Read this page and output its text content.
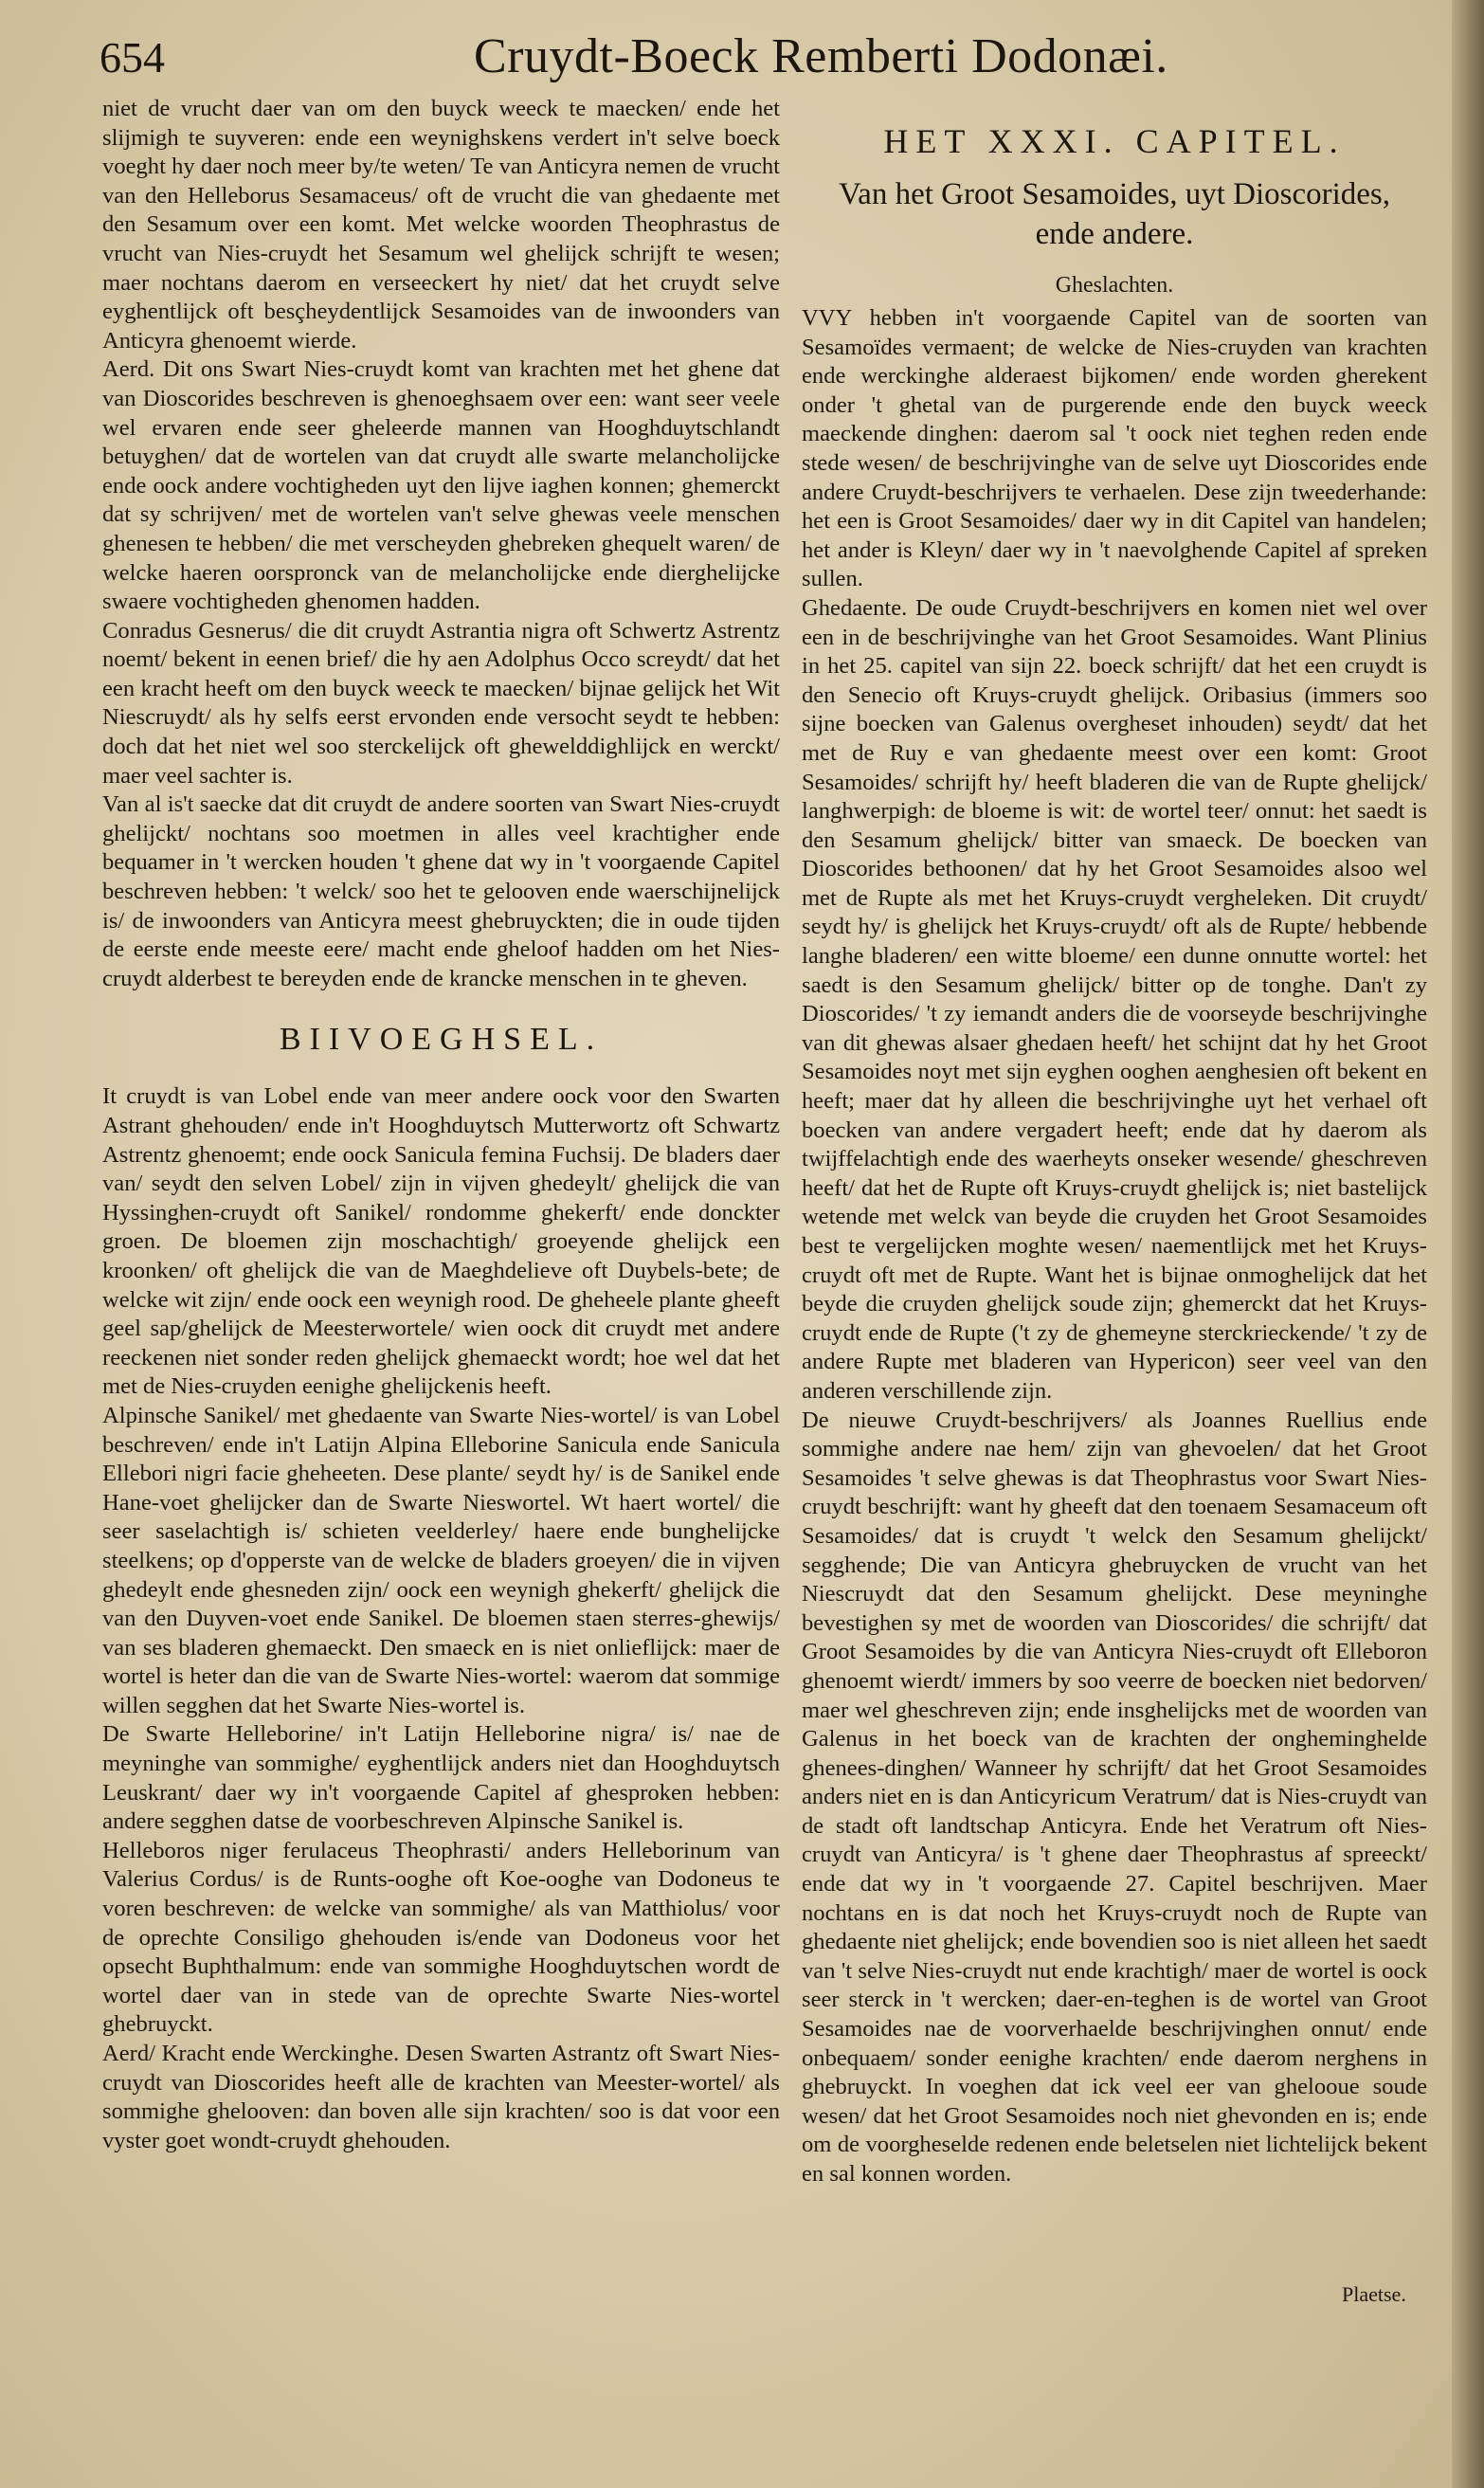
654	Cruydt-Boeck Remberti Dodonæi.

niet de vrucht daer van om den buyck weeck te maecken/ ende het slijmigh te suyveren: ende een weynighskens verdert in't selve boeck voeght hy daer noch meer by/te weten/ Te van Anticyra nemen de vrucht van den Helleborus Sesamaceus/ oft de vrucht die van ghedaente met den Sesamum over een komt. Met welcke woorden Theophrastus de vrucht van Nies-cruydt het Sesamum wel ghelijck schrijft te wesen; maer nochtans daerom en verseeckert hy niet/ dat het cruydt selve eyghentlijck oft besçheydentlijck Sesamoides van de inwoonders van Anticyra ghenoemt wierde.

Aerd. Dit ons Swart Nies-cruydt komt van krachten met het ghene dat van Dioscorides beschreven is ghenoeghsaem over een: want seer veele wel ervaren ende seer gheleerde mannen van Hooghduytschlandt betuyghen/ dat de wortelen van dat cruydt alle swarte melancholijcke ende oock andere vochtigheden uyt den lijve iaghen konnen; ghemerckt dat sy schrijven/ met de wortelen van't selve ghewas veele menschen ghenesen te hebben/ die met verscheyden ghebreken ghequelt waren/ de welcke haeren oorspronck van de melancholijcke ende dierghelijcke swaere vochtigheden ghenomen hadden.

Conradus Gesnerus/ die dit cruydt Astrantia nigra oft Schwertz Astrentz noemt/ bekent in eenen brief/ die hy aen Adolphus Occo screydt/ dat het een kracht heeft om den buyck weeck te maecken/ bijnae gelijck het Wit Niescruydt/ als hy selfs eerst ervonden ende versocht seydt te hebben: doch dat het niet wel soo sterckelijck oft ghewelddighlijck en werckt/ maer veel sachter is.

Van al is't saecke dat dit cruydt de andere soorten van Swart Nies-cruydt ghelijckt/ nochtans soo moetmen in alles veel krachtigher ende bequamer in 't wercken houden 't ghene dat wy in 't voorgaende Capitel beschreven hebben: 't welck/ soo het te gelooven ende waerschijnelijck is/ de inwoonders van Anticyra meest ghebruyckten; die in oude tijden de eerste ende meeste eere/ macht ende gheloof hadden om het Nies-cruydt alderbest te bereyden ende de krancke menschen in te gheven.

BIIVOEGHSEL.

It cruydt is van Lobel ende van meer andere oock voor den Swarten Astrant ghehouden/ ende in't Hooghduytsch Mutterwortz oft Schwartz Astrentz ghenoemt; ende oock Sanicula femina Fuchsij. De bladers daer van/ seydt den selven Lobel/ zijn in vijven ghedeylt/ ghelijck die van Hyssinghen-cruydt oft Sanikel/ rondomme ghekerft/ ende donckter groen. De bloemen zijn moschachtigh/ groeyende ghelijck een kroonken/ oft ghelijck die van de Maeghdelieve oft Duybels-bete; de welcke wit zijn/ ende oock een weynigh rood. De gheheele plante gheeft geel sap/ghelijck de Meesterwortele/ wien oock dit cruydt met andere reeckenen niet sonder reden ghelijck ghemaeckt wordt; hoe wel dat het met de Nies-cruyden eenighe ghelijckenis heeft.

Alpinsche Sanikel/ met ghedaente van Swarte Nies-wortel/ is van Lobel beschreven/ ende in't Latijn Alpina Elleborine Sanicula ende Sanicula Ellebori nigri facie gheheeten. Dese plante/ seydt hy/ is de Sanikel ende Hane-voet ghelijcker dan de Swarte Nieswortel. Wt haert wortel/ die seer saselachtigh is/ schieten veelderley/ haere ende bunghelijcke steelkens; op d'opperste van de welcke de bladers groeyen/ die in vijven ghedeylt ende ghesneden zijn/ oock een weynigh ghekerft/ ghelijck die van den Duyven-voet ende Sanikel. De bloemen staen sterres-ghewijs/ van ses bladeren ghemaeckt. Den smaeck en is niet onlieflijck: maer de wortel is heter dan die van de Swarte Nies-wortel: waerom dat sommige willen segghen dat het Swarte Nies-wortel is.

De Swarte Helleborine/ in't Latijn Helleborine nigra/ is/ nae de meyninghe van sommighe/ eyghentlijck anders niet dan Hooghduytsch Leuskrant/ daer wy in't voorgaende Capitel af ghesproken hebben: andere segghen datse de voorbeschreven Alpinsche Sanikel is.

Helleboros niger ferulaceus Theophrasti/ anders Helleborinum van Valerius Cordus/ is de Runts-ooghe oft Koe-ooghe van Dodoneus te voren beschreven: de welcke van sommighe/ als van Matthiolus/ voor de oprechte Consiligo ghehouden is/ende van Dodoneus voor het opsecht Buphthalmum: ende van sommighe Hooghduytschen wordt de wortel daer van in stede van de oprechte Swarte Nies-wortel ghebruyckt.

Aerd/ Kracht ende Werckinghe. Desen Swarten Astrantz oft Swart Nies-cruydt van Dioscorides heeft alle de krachten van Meester-wortel/ als sommighe ghelooven: dan boven alle sijn krachten/ soo is dat voor een vyster goet wondt-cruydt ghehouden.

HET XXXI. CAPITEL.
Van het Groot Sesamoides, uyt Dioscorides, ende andere.
Gheslachten.

VVY hebben in't voorgaende Capitel van de soorten van Sesamoïdes vermaent; de welcke de Nies-cruyden van krachten ende werckinghe alderaest bijkomen/ ende worden gherekent onder 't ghetal van de purgerende ende den buyck weeck maeckende dinghen: daerom sal 't oock niet teghen reden ende stede wesen/ de beschrijvinghe van de selve uyt Dioscorides ende andere Cruydt-beschrijvers te verhaelen. Dese zijn tweederhande: het een is Groot Sesamoides/ daer wy in dit Capitel van handelen; het ander is Kleyn/ daer wy in 't naevolghende Capitel af spreken sullen.

Ghedaente. De oude Cruydt-beschrijvers en komen niet wel over een in de beschrijvinghe van het Groot Sesamoides. Want Plinius in het 25. capitel van sijn 22. boeck schrijft/ dat het een cruydt is den Senecio oft Kruys-cruydt ghelijck. Oribasius (immers soo sijne boecken van Galenus overgheset inhouden) seydt/ dat het met de Ruy e van ghedaente meest over een komt: Groot Sesamoides/ schrijft hy/ heeft bladeren die van de Rupte ghelijck/ langhwerpigh: de bloeme is wit: de wortel teer/ onnut: het saedt is den Sesamum ghelijck/ bitter van smaeck. De boecken van Dioscorides bethoonen/ dat hy het Groot Sesamoides alsoo wel met de Rupte als met het Kruys-cruydt vergheleken. Dit cruydt/ seydt hy/ is ghelijck het Kruys-cruydt/ oft als de Rupte/ hebbende langhe bladeren/ een witte bloeme/ een dunne onnutte wortel: het saedt is den Sesamum ghelijck/ bitter op de tonghe. Dan't zy Dioscorides/ 't zy iemandt anders die de voorseyde beschrijvinghe van dit ghewas alsaer ghedaen heeft/ het schijnt dat hy het Groot Sesamoides noyt met sijn eyghen ooghen aenghesien oft bekent en heeft; maer dat hy alleen die beschrijvinghe uyt het verhael oft boecken van andere vergadert heeft; ende dat hy daerom als twijffelachtigh ende des waerheyts onseker wesende/ gheschreven heeft/ dat het de Rupte oft Kruys-cruydt ghelijck is; niet bastelijck wetende met welck van beyde die cruyden het Groot Sesamoides best te vergelijcken moghte wesen/ naementlijck met het Kruys-cruydt oft met de Rupte. Want het is bijnae onmoghelijck dat het beyde die cruyden ghelijck soude zijn; ghemerckt dat het Kruys-cruydt ende de Rupte ('t zy de ghemeyne sterckrieckende/ 't zy de andere Rupte met bladeren van Hypericon) seer veel van den anderen verschillende zijn.

De nieuwe Cruydt-beschrijvers/ als Joannes Ruellius ende sommighe andere nae hem/ zijn van ghevoelen/ dat het Groot Sesamoides 't selve ghewas is dat Theophrastus voor Swart Nies-cruydt beschrijft: want hy gheeft dat den toenaem Sesamaceum oft Sesamoides/ dat is cruydt 't welck den Sesamum ghelijckt/ segghende; Die van Anticyra ghebruycken de vrucht van het Niescruydt dat den Sesamum ghelijckt. Dese meyninghe bevestighen sy met de woorden van Dioscorides/ die schrijft/ dat Groot Sesamoides by die van Anticyra Nies-cruydt oft Elleboron ghenoemt wierdt/ immers by soo veerre de boecken niet bedorven/ maer wel gheschreven zijn; ende insghelijcks met de woorden van Galenus in het boeck van de krachten der ongheminghelde ghenees-dinghen/ Wanneer hy schrijft/ dat het Groot Sesamoides anders niet en is dan Anticyricum Veratrum/ dat is Nies-cruydt van de stadt oft landtschap Anticyra. Ende het Veratrum oft Nies-cruydt van Anticyra/ is 't ghene daer Theophrastus af spreeckt/ ende dat wy in 't voorgaende 27. Capitel beschrijven. Maer nochtans en is dat noch het Kruys-cruydt noch de Rupte van ghedaente niet ghelijck; ende bovendien soo is niet alleen het saedt van 't selve Nies-cruydt nut ende krachtigh/ maer de wortel is oock seer sterck in 't wercken; daer-en-teghen is de wortel van Groot Sesamoides nae de voorverhaelde beschrijvinghen onnut/ ende onbequaem/ sonder eenighe krachten/ ende daerom nerghens in ghebruyckt. In voeghen dat ick veel eer van ghelooue soude wesen/ dat het Groot Sesamoides noch niet ghevonden en is; ende om de voorgheselde redenen ende beletselen niet lichtelijck bekent en sal konnen worden.

Plaetse.
